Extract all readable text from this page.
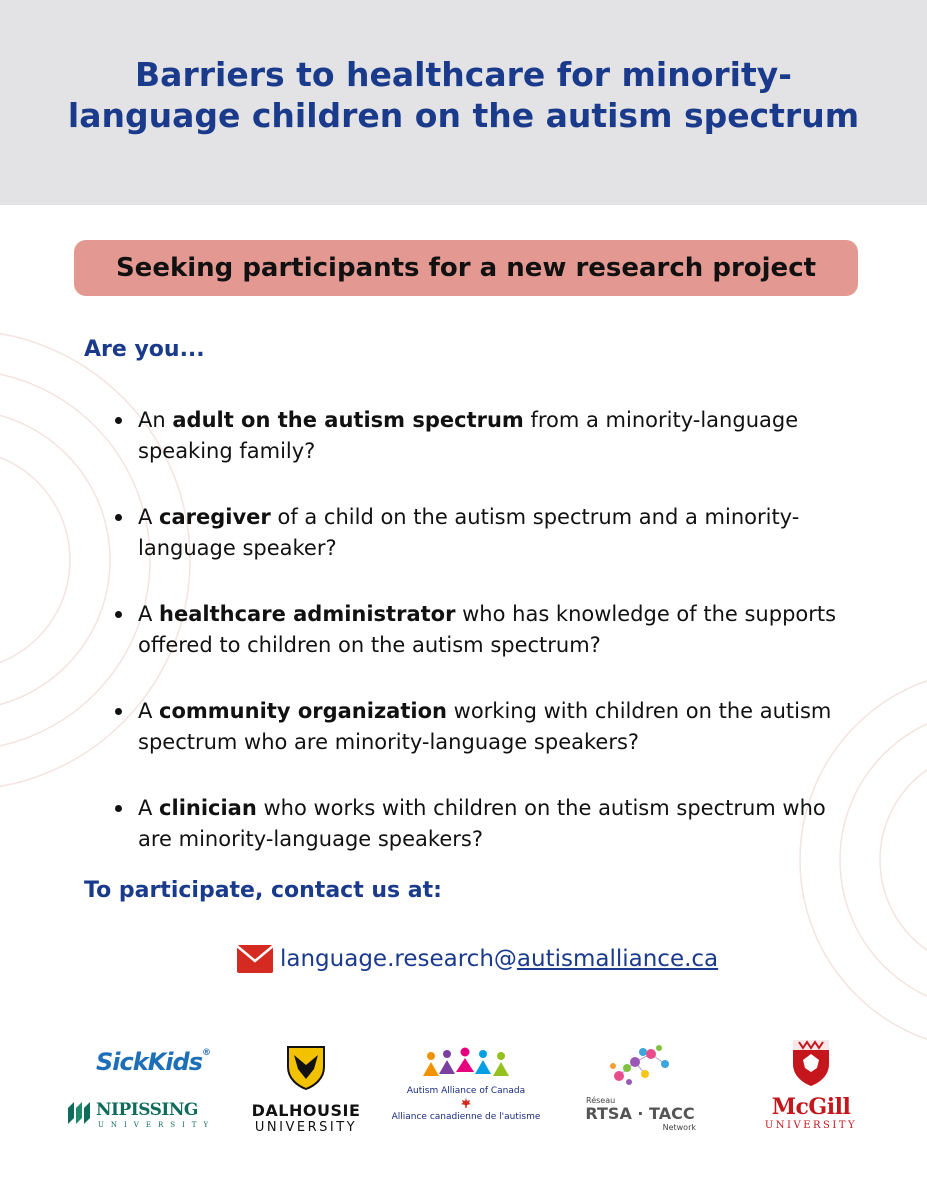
Barriers to healthcare for minority-
language children on the autism spectrum
Seeking participants for a new research project
Are you...
An adult on the autism spectrum from a minority-language speaking family?
A caregiver of a child on the autism spectrum and a minority-language speaker?
A healthcare administrator who has knowledge of the supports offered to children on the autism spectrum?
A community organization working with children on the autism spectrum who are minority-language speakers?
A clinician who works with children on the autism spectrum who are minority-language speakers?
To participate, contact us at:
language.research@autismalliance.ca
SickKids®
NIPISSING
UNIVERSITY
DALHOUSIE
UNIVERSITY
Autism Alliance of Canada
Alliance canadienne de l'autisme
Réseau
RTSA · TACC
Network
McGill
UNIVERSITY
